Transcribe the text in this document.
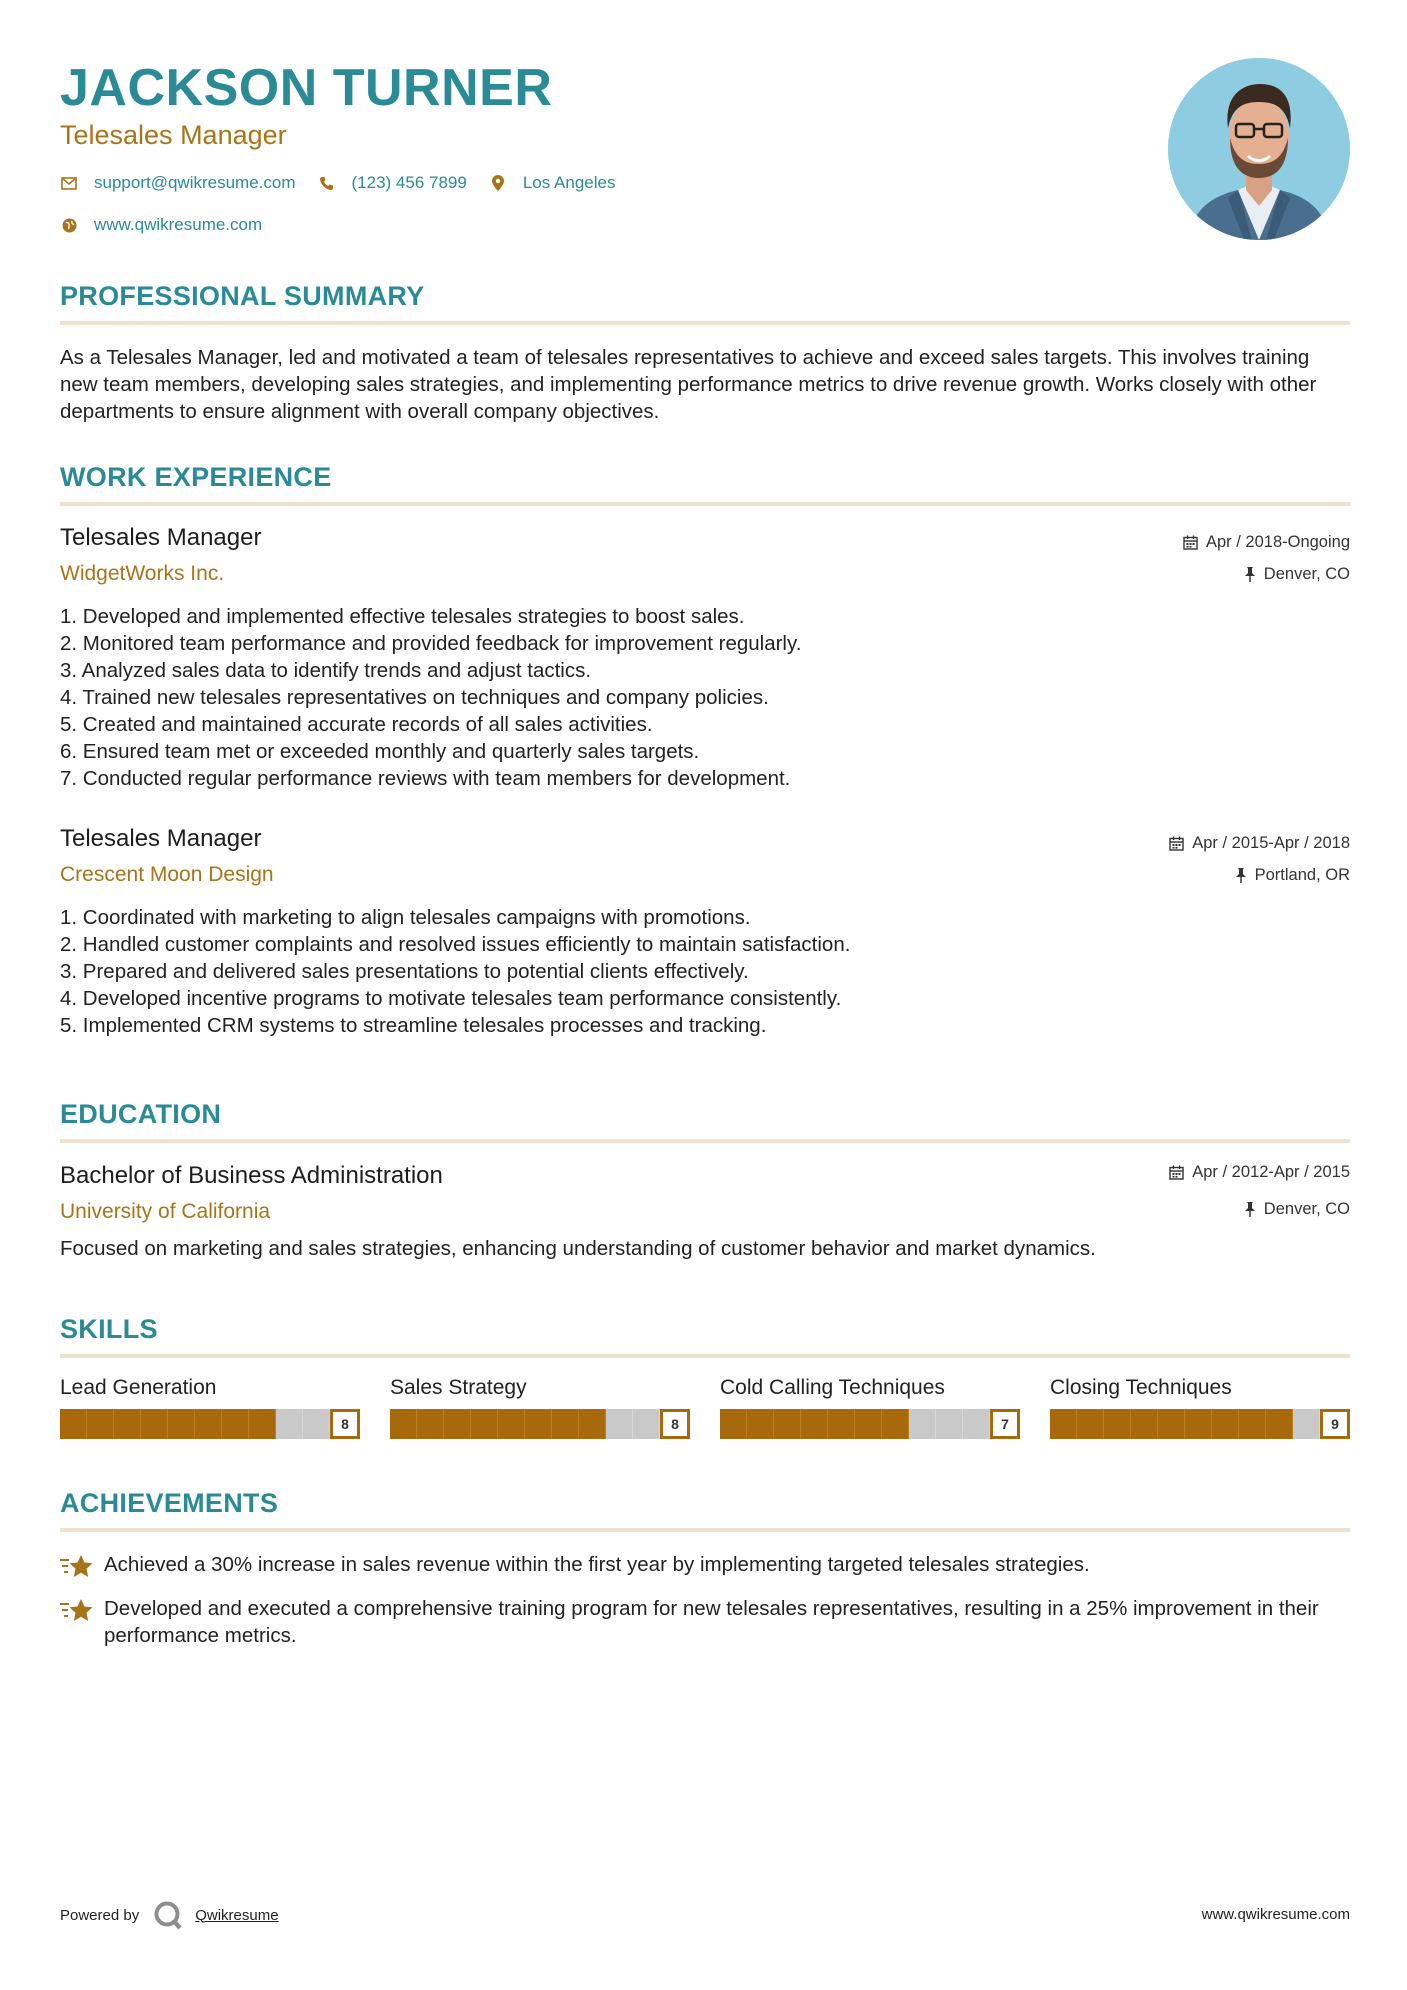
JACKSON TURNER
Telesales Manager
support@qwikresume.com	(123) 456 7899	Los Angeles
www.qwikresume.com
PROFESSIONAL SUMMARY
As a Telesales Manager, led and motivated a team of telesales representatives to achieve and exceed sales targets. This involves training new team members, developing sales strategies, and implementing performance metrics to drive revenue growth. Works closely with other departments to ensure alignment with overall company objectives.
WORK EXPERIENCE
Telesales Manager
WidgetWorks Inc.
Apr / 2018-Ongoing
Denver, CO
1. Developed and implemented effective telesales strategies to boost sales.
2. Monitored team performance and provided feedback for improvement regularly.
3. Analyzed sales data to identify trends and adjust tactics.
4. Trained new telesales representatives on techniques and company policies.
5. Created and maintained accurate records of all sales activities.
6. Ensured team met or exceeded monthly and quarterly sales targets.
7. Conducted regular performance reviews with team members for development.
Telesales Manager
Crescent Moon Design
Apr / 2015-Apr / 2018
Portland, OR
1. Coordinated with marketing to align telesales campaigns with promotions.
2. Handled customer complaints and resolved issues efficiently to maintain satisfaction.
3. Prepared and delivered sales presentations to potential clients effectively.
4. Developed incentive programs to motivate telesales team performance consistently.
5. Implemented CRM systems to streamline telesales processes and tracking.
EDUCATION
Bachelor of Business Administration
University of California
Apr / 2012-Apr / 2015
Denver, CO
Focused on marketing and sales strategies, enhancing understanding of customer behavior and market dynamics.
SKILLS
Lead Generation
8
Sales Strategy
8
Cold Calling Techniques
7
Closing Techniques
9
ACHIEVEMENTS
Achieved a 30% increase in sales revenue within the first year by implementing targeted telesales strategies.
Developed and executed a comprehensive training program for new telesales representatives, resulting in a 25% improvement in their performance metrics.
Powered by	Qwikresume	www.qwikresume.com
